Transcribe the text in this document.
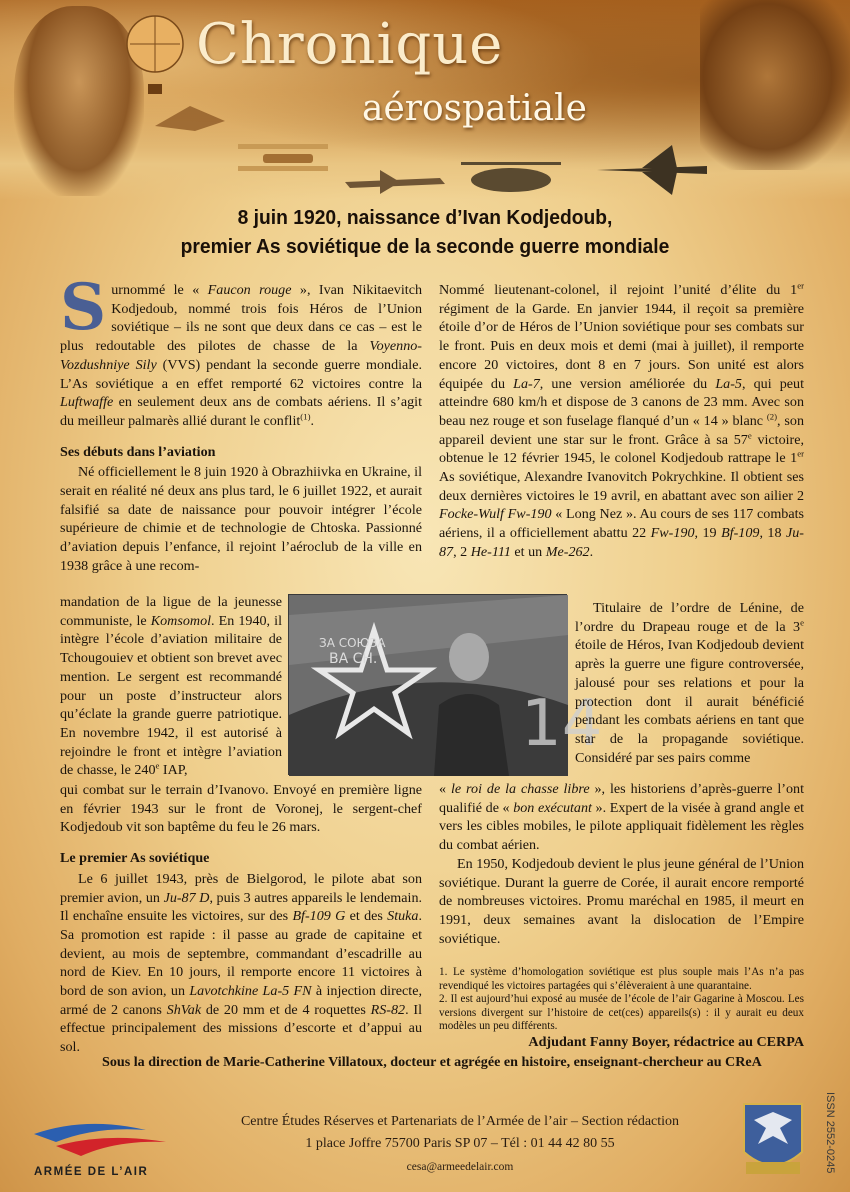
Chronique
aérospatiale
8 juin 1920, naissance d’Ivan Kodjedoub,
premier As soviétique de la seconde guerre mondiale
S urnommé le « Faucon rouge », Ivan Nikitaevitch Kodjedoub, nommé trois fois Héros de l’Union soviétique – ils ne sont que deux dans ce cas – est le plus redoutable des pilotes de chasse de la Voyenno-Vozdushniye Sily (VVS) pendant la seconde guerre mondiale. L’As soviétique a en effet remporté 62 victoires contre la Luftwaffe en seulement deux ans de combats aériens. Il s’agit du meilleur palmarès allié durant le conflit$^{(1)}$.

Ses débuts dans l’aviation

Né officiellement le 8 juin 1920 à Obrazhiivka en Ukraine, il serait en réalité né deux ans plus tard, le 6 juillet 1922, et aurait falsifié sa date de naissance pour pouvoir intégrer l’école supérieure de chimie et de technologie de Chtoska. Passionné d’aviation depuis l’enfance, il rejoint l’aéroclub de la ville en 1938 grâce à une recom-

mandation de la ligue de la jeunesse communiste, le Komsomol. En 1940, il intègre l’école d’aviation militaire de Tchougouiev et obtient son brevet avec mention. Le sergent est recommandé pour un poste d’instructeur alors qu’éclate la grande guerre patriotique. En novembre 1942, il est autorisé à rejoindre le front et intègre l’aviation de chasse, le 240e IAP,

ЗА СОЮЗА
ВА СН.
14

Titulaire de l’ordre de Lénine, de l’ordre du Drapeau rouge et de la 3e étoile de Héros, Ivan Kodjedoub devient après la guerre une figure controversée, jalousé pour ses relations et pour la protection dont il aurait bénéficié pendant les combats aériens en tant que star de la propagande soviétique. Considéré par ses pairs comme

qui combat sur le terrain d’Ivanovo. Envoyé en première ligne en février 1943 sur le front de Voronej, le sergent-chef Kodjedoub vit son baptême du feu le 26 mars.

Le premier As soviétique

Le 6 juillet 1943, près de Bielgorod, le pilote abat son premier avion, un Ju-87 D, puis 3 autres appareils le lendemain. Il enchaîne ensuite les victoires, sur des Bf-109 G et des Stuka. Sa promotion est rapide : il passe au grade de capitaine et devient, au mois de septembre, commandant d’escadrille au nord de Kiev. En 10 jours, il remporte encore 11 victoires à bord de son avion, un Lavotchkine La-5 FN à injection directe, armé de 2 canons ShVak de 20 mm et de 4 roquettes RS-82. Il effectue principalement des missions d’escorte et d’appui au sol.

Nommé lieutenant-colonel, il rejoint l’unité d’élite du 1er régiment de la Garde. En janvier 1944, il reçoit sa première étoile d’or de Héros de l’Union soviétique pour ses combats sur le front. Puis en deux mois et demi (mai à juillet), il remporte encore 20 victoires, dont 8 en 7 jours. Son unité est alors équipée du La-7, une version améliorée du La-5, qui peut atteindre 680 km/h et dispose de 3 canons de 23 mm. Avec son beau nez rouge et son fuselage flanqué d’un « 14 » blanc $^{(2)}$, son appareil devient une star sur le front. Grâce à sa 57e victoire, obtenue le 12 février 1945, le colonel Kodjedoub rattrape le 1er As soviétique, Alexandre Ivanovitch Pokrychkine. Il obtient ses deux dernières victoires le 19 avril, en abattant avec son ailier 2 Focke-Wulf Fw-190 « Long Nez ». Au cours de ses 117 combats aériens, il a officiellement abattu 22 Fw-190, 19 Bf-109, 18 Ju-87, 2 He-111 et un Me-262.

« le roi de la chasse libre », les historiens d’après-guerre l’ont qualifié de « bon exécutant ». Expert de la visée à grand angle et vers les cibles mobiles, le pilote appliquait fidèlement les règles du combat aérien.

En 1950, Kodjedoub devient le plus jeune général de l’Union soviétique. Durant la guerre de Corée, il aurait encore remporté de nombreuses victoires. Promu maréchal en 1985, il meurt en 1991, deux semaines avant la dislocation de l’Empire soviétique.

1. Le système d’homologation soviétique est plus souple mais l’As n’a pas revendiqué les victoires partagées qui s’élèveraient à une quarantaine.

2. Il est aujourd’hui exposé au musée de l’école de l’air Gagarine à Moscou. Les versions divergent sur l’histoire de cet(ces) appareils(s) : il y aurait eu deux modèles un peu différents.

Adjudant Fanny Boyer, rédactrice au CERPA
Sous la direction de Marie-Catherine Villatoux, docteur et agrégée en histoire, enseignant-chercheur au CReA
ARMÉE DE L’AIR
Centre Études Réserves et Partenariats de l’Armée de l’air – Section rédaction
1 place Joffre 75700 Paris SP 07 – Tél : 01 44 42 80 55
cesa@armeedelair.com	ISSN 2552-0245
